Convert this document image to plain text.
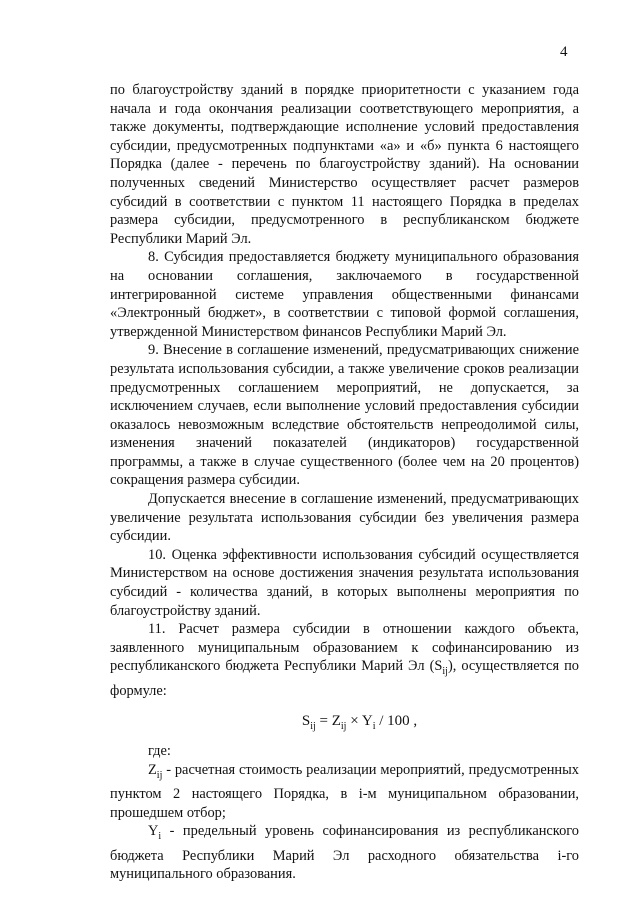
4

по благоустройству зданий в порядке приоритетности с указанием года начала и года окончания реализации соответствующего мероприятия, а также документы, подтверждающие исполнение условий предоставления субсидии, предусмотренных подпунктами «а» и «б» пункта 6 настоящего Порядка (далее - перечень по благоустройству зданий). На основании полученных сведений Министерство осуществляет расчет размеров субсидий в соответствии с пунктом 11 настоящего Порядка в пределах размера субсидии, предусмотренного в республиканском бюджете Республики Марий Эл.

8. Субсидия предоставляется бюджету муниципального образования на основании соглашения, заключаемого в государственной интегрированной системе управления общественными финансами «Электронный бюджет», в соответствии с типовой формой соглашения, утвержденной Министерством финансов Республики Марий Эл.

9. Внесение в соглашение изменений, предусматривающих снижение результата использования субсидии, а также увеличение сроков реализации предусмотренных соглашением мероприятий, не допускается, за исключением случаев, если выполнение условий предоставления субсидии оказалось невозможным вследствие обстоятельств непреодолимой силы, изменения значений показателей (индикаторов) государственной программы, а также в случае существенного (более чем на 20 процентов) сокращения размера субсидии.

Допускается внесение в соглашение изменений, предусматривающих увеличение результата использования субсидии без увеличения размера субсидии.

10. Оценка эффективности использования субсидий осуществляется Министерством на основе достижения значения результата использования субсидий - количества зданий, в которых выполнены мероприятия по благоустройству зданий.

11. Расчет размера субсидии в отношении каждого объекта, заявленного муниципальным образованием к софинансированию из республиканского бюджета Республики Марий Эл $(S_{ij})$, осуществляется по формуле:

$S_{ij} = Z_{ij} \times Y_i / 100$ ,

где:

$Z_{ij}$ - расчетная стоимость реализации мероприятий, предусмотренных пунктом 2 настоящего Порядка, в i-м муниципальном образовании, прошедшем отбор;

$Y_i$ - предельный уровень софинансирования из республиканского бюджета Республики Марий Эл расходного обязательства i-го муниципального образования.
